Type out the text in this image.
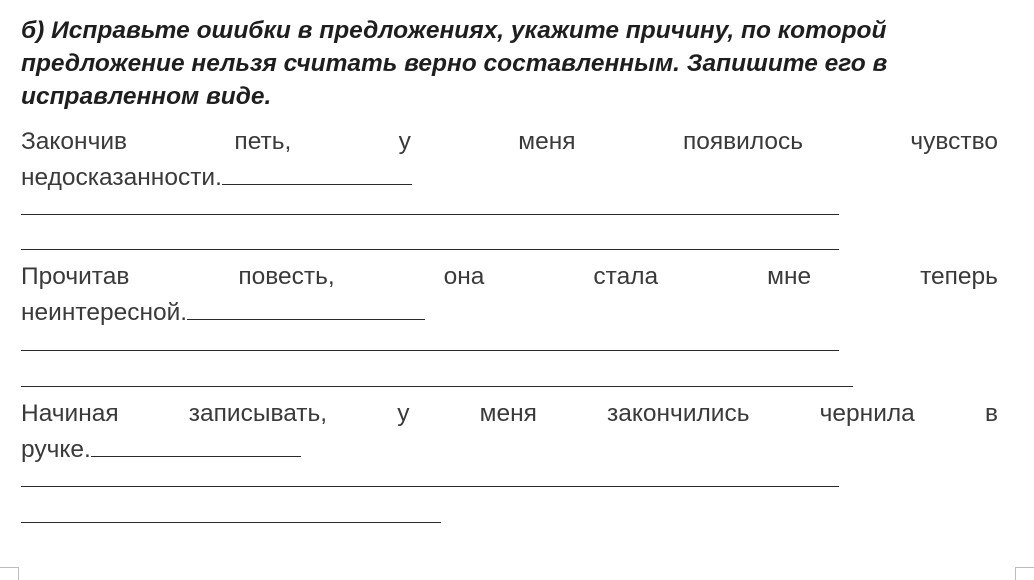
б) Исправьте ошибки в предложениях, укажите причину, по которой предложение нельзя считать верно составленным. Запишите его в исправленном виде.

Закончив	петь,	у	меня	появилось	чувство
недосказанности.
Прочитав	повесть,	она	стала	мне	теперь
неинтересной.
Начиная	записывать,	у	меня	закончились	чернила	в
ручке.
